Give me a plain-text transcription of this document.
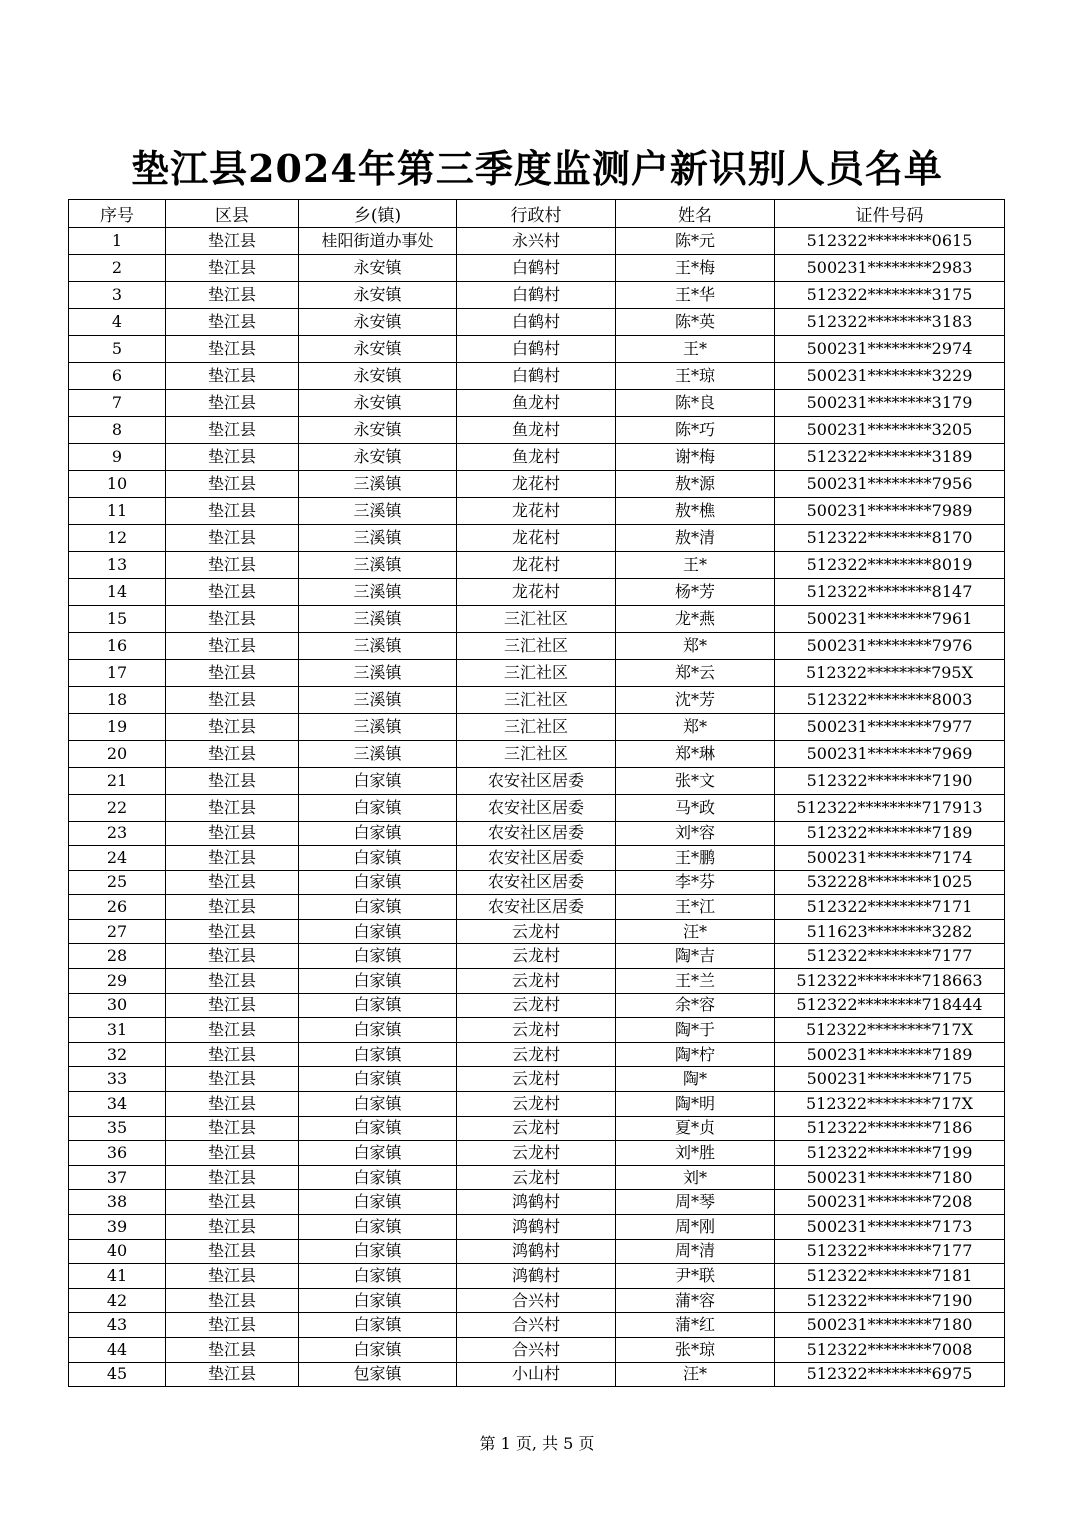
垫江县2024年第三季度监测户新识别人员名单
序号	区县	乡(镇)	行政村	姓名	证件号码
1	垫江县	桂阳街道办事处	永兴村	陈*元	512322********0615
2	垫江县	永安镇	白鹤村	王*梅	500231********2983
3	垫江县	永安镇	白鹤村	王*华	512322********3175
4	垫江县	永安镇	白鹤村	陈*英	512322********3183
5	垫江县	永安镇	白鹤村	王*	500231********2974
6	垫江县	永安镇	白鹤村	王*琼	500231********3229
7	垫江县	永安镇	鱼龙村	陈*良	500231********3179
8	垫江县	永安镇	鱼龙村	陈*巧	500231********3205
9	垫江县	永安镇	鱼龙村	谢*梅	512322********3189
10	垫江县	三溪镇	龙花村	敖*源	500231********7956
11	垫江县	三溪镇	龙花村	敖*樵	500231********7989
12	垫江县	三溪镇	龙花村	敖*清	512322********8170
13	垫江县	三溪镇	龙花村	王*	512322********8019
14	垫江县	三溪镇	龙花村	杨*芳	512322********8147
15	垫江县	三溪镇	三汇社区	龙*燕	500231********7961
16	垫江县	三溪镇	三汇社区	郑*	500231********7976
17	垫江县	三溪镇	三汇社区	郑*云	512322********795X
18	垫江县	三溪镇	三汇社区	沈*芳	512322********8003
19	垫江县	三溪镇	三汇社区	郑*	500231********7977
20	垫江县	三溪镇	三汇社区	郑*琳	500231********7969
21	垫江县	白家镇	农安社区居委	张*文	512322********7190
22	垫江县	白家镇	农安社区居委	马*政	512322********717913
23	垫江县	白家镇	农安社区居委	刘*容	512322********7189
24	垫江县	白家镇	农安社区居委	王*鹏	500231********7174
25	垫江县	白家镇	农安社区居委	李*芬	532228********1025
26	垫江县	白家镇	农安社区居委	王*江	512322********7171
27	垫江县	白家镇	云龙村	汪*	511623********3282
28	垫江县	白家镇	云龙村	陶*吉	512322********7177
29	垫江县	白家镇	云龙村	王*兰	512322********718663
30	垫江县	白家镇	云龙村	余*容	512322********718444
31	垫江县	白家镇	云龙村	陶*于	512322********717X
32	垫江县	白家镇	云龙村	陶*柠	500231********7189
33	垫江县	白家镇	云龙村	陶*	500231********7175
34	垫江县	白家镇	云龙村	陶*明	512322********717X
35	垫江县	白家镇	云龙村	夏*贞	512322********7186
36	垫江县	白家镇	云龙村	刘*胜	512322********7199
37	垫江县	白家镇	云龙村	刘*	500231********7180
38	垫江县	白家镇	鸿鹤村	周*琴	500231********7208
39	垫江县	白家镇	鸿鹤村	周*刚	500231********7173
40	垫江县	白家镇	鸿鹤村	周*清	512322********7177
41	垫江县	白家镇	鸿鹤村	尹*联	512322********7181
42	垫江县	白家镇	合兴村	蒲*容	512322********7190
43	垫江县	白家镇	合兴村	蒲*红	500231********7180
44	垫江县	白家镇	合兴村	张*琼	512322********7008
45	垫江县	包家镇	小山村	汪*	512322********6975
第 1 页, 共 5 页
